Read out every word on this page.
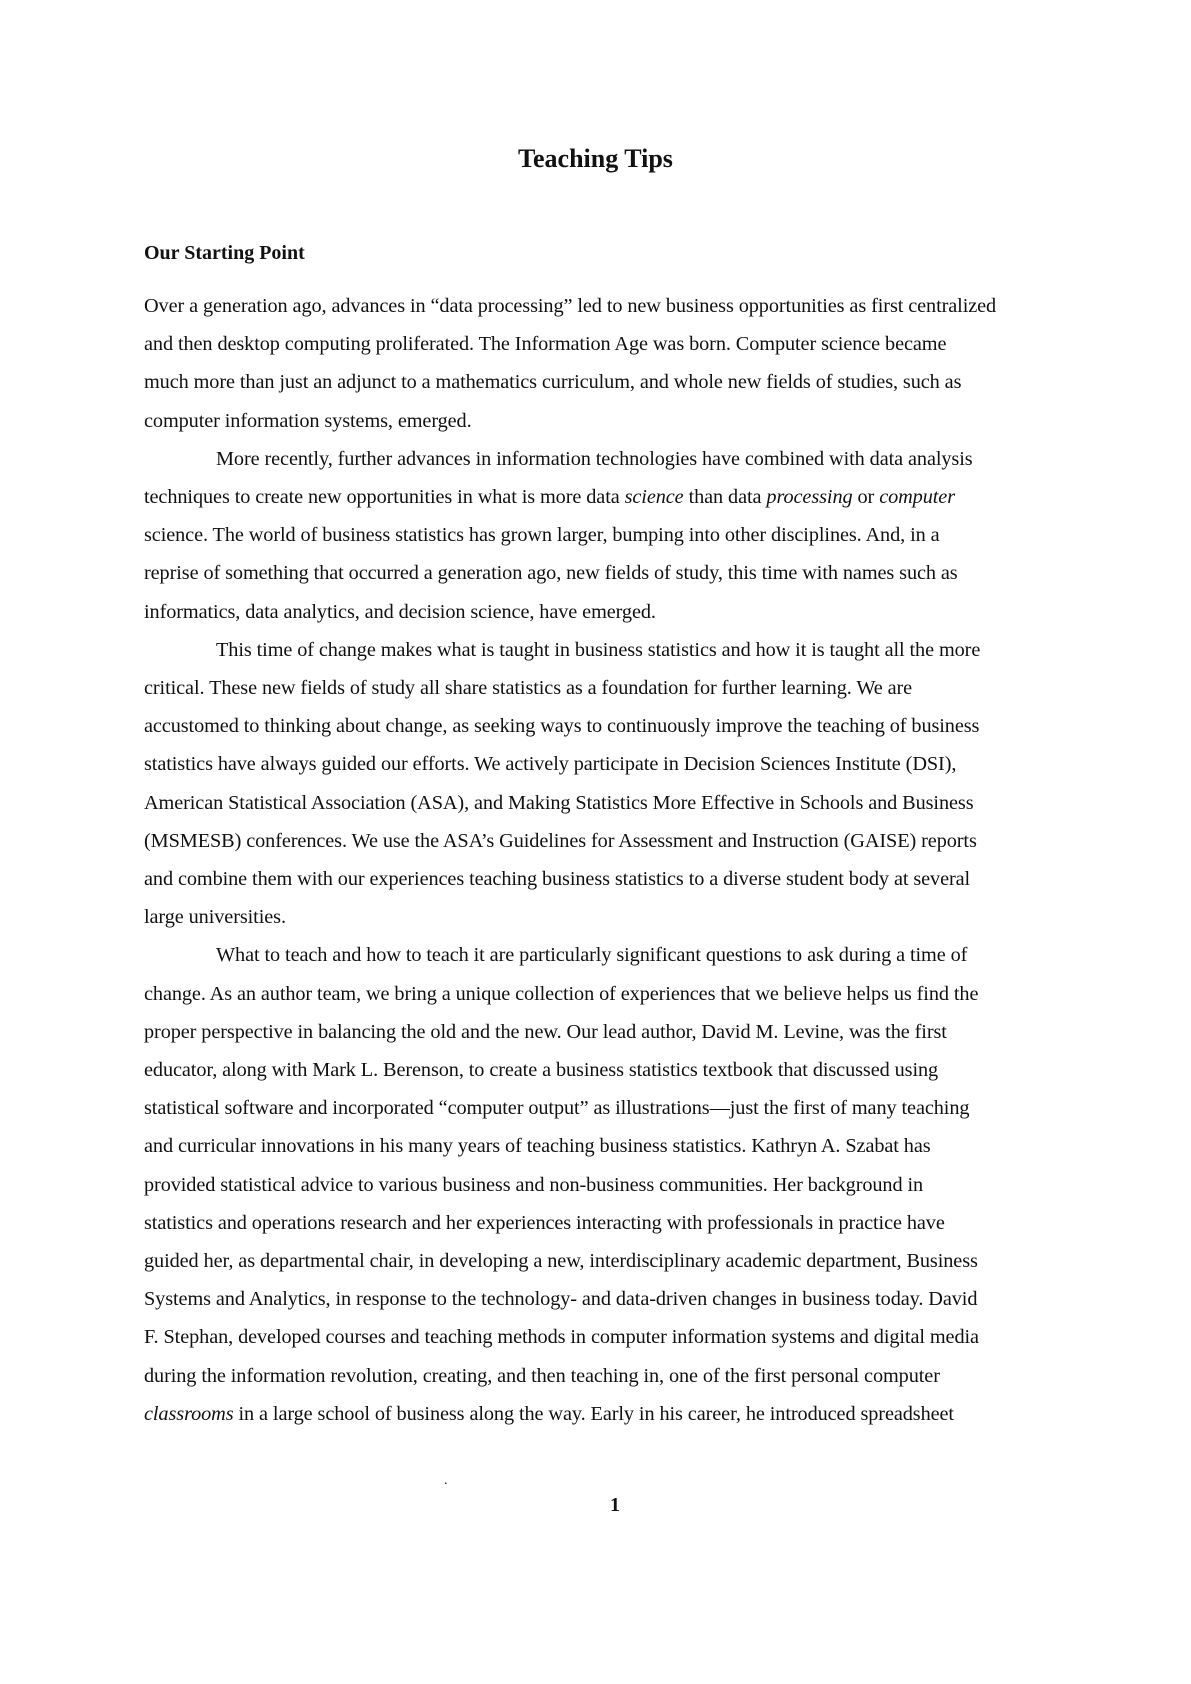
Teaching Tips
Our Starting Point

Over a generation ago, advances in “data processing” led to new business opportunities as first centralized
and then desktop computing proliferated. The Information Age was born. Computer science became
much more than just an adjunct to a mathematics curriculum, and whole new fields of studies, such as
computer information systems, emerged.

More recently, further advances in information technologies have combined with data analysis
techniques to create new opportunities in what is more data science than data processing or computer
science. The world of business statistics has grown larger, bumping into other disciplines. And, in a
reprise of something that occurred a generation ago, new fields of study, this time with names such as
informatics, data analytics, and decision science, have emerged.

This time of change makes what is taught in business statistics and how it is taught all the more
critical. These new fields of study all share statistics as a foundation for further learning. We are
accustomed to thinking about change, as seeking ways to continuously improve the teaching of business
statistics have always guided our efforts. We actively participate in Decision Sciences Institute (DSI),
American Statistical Association (ASA), and Making Statistics More Effective in Schools and Business
(MSMESB) conferences. We use the ASA’s Guidelines for Assessment and Instruction (GAISE) reports
and combine them with our experiences teaching business statistics to a diverse student body at several
large universities.

What to teach and how to teach it are particularly significant questions to ask during a time of
change. As an author team, we bring a unique collection of experiences that we believe helps us find the
proper perspective in balancing the old and the new. Our lead author, David M. Levine, was the first
educator, along with Mark L. Berenson, to create a business statistics textbook that discussed using
statistical software and incorporated “computer output” as illustrations—just the first of many teaching
and curricular innovations in his many years of teaching business statistics. Kathryn A. Szabat has
provided statistical advice to various business and non-business communities. Her background in
statistics and operations research and her experiences interacting with professionals in practice have
guided her, as departmental chair, in developing a new, interdisciplinary academic department, Business
Systems and Analytics, in response to the technology- and data-driven changes in business today. David
F. Stephan, developed courses and teaching methods in computer information systems and digital media
during the information revolution, creating, and then teaching in, one of the first personal computer
classrooms in a large school of business along the way. Early in his career, he introduced spreadsheet

.
1
